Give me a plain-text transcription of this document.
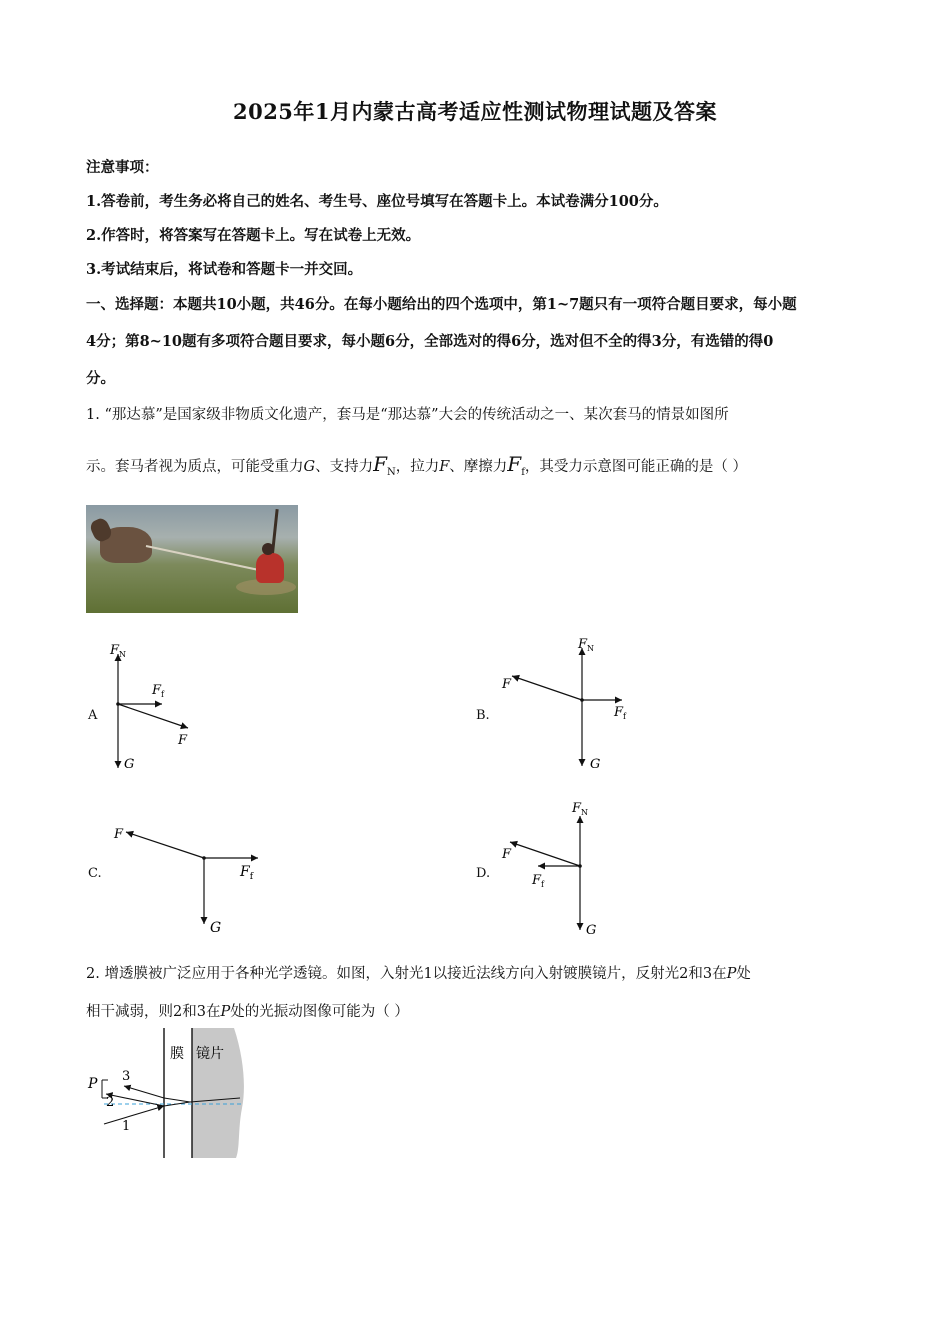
2025年1月内蒙古高考适应性测试物理试题及答案
注意事项：
1.答卷前，考生务必将自己的姓名、考生号、座位号填写在答题卡上。本试卷满分100分。
2.作答时，将答案写在答题卡上。写在试卷上无效。
3.考试结束后，将试卷和答题卡一并交回。
一、选择题：本题共10小题，共46分。在每小题给出的四个选项中，第1~7题只有一项符合题目要求，每小题
4分；第8~10题有多项符合题目要求，每小题6分，全部选对的得6分，选对但不全的得3分，有选错的得0
分。
1. “那达慕”是国家级非物质文化遗产，套马是“那达慕”大会的传统活动之一、某次套马的情景如图所
示。套马者视为质点，可能受重力G、支持力$F_N$，拉力F、摩擦力$F_f$，其受力示意图可能正确的是（ ）
A
$F_N$
$F_f$
F
G
B.
$F_N$
$F_f$
F
G
C.
F
$F_f$
G
D.
$F_N$
F
$F_f$
G
2. 增透膜被广泛应用于各种光学透镜。如图，入射光1以接近法线方向入射镀膜镜片，反射光2和3在P处
相干减弱，则2和3在P处的光振动图像可能为（ ）
膜 镜片
P 3
2
1
